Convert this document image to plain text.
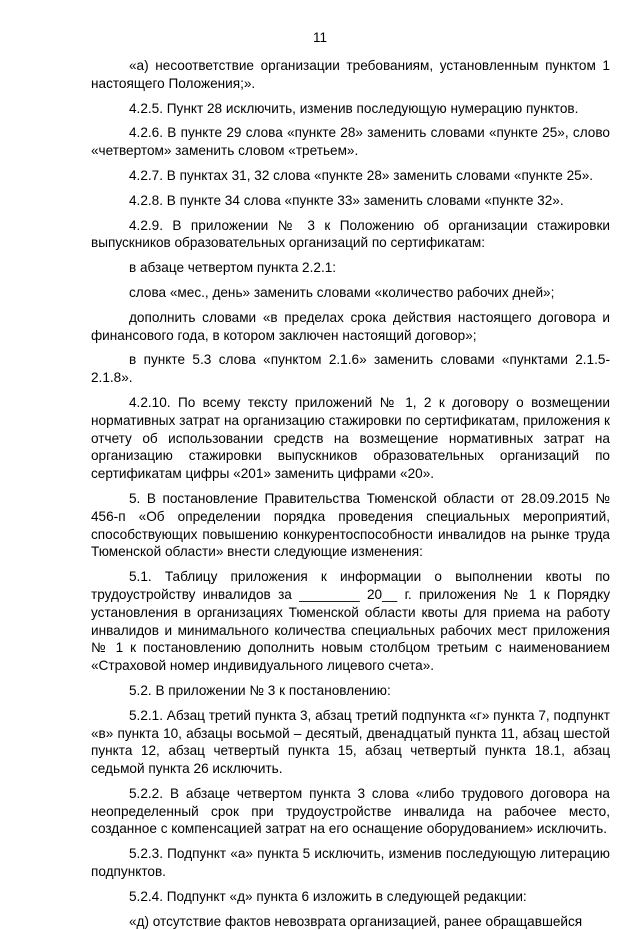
11

«а) несоответствие организации требованиям, установленным пунктом 1 настоящего Положения;».

4.2.5. Пункт 28 исключить, изменив последующую нумерацию пунктов.

4.2.6. В пункте 29 слова «пункте 28» заменить словами «пункте 25», слово «четвертом» заменить словом «третьем».

4.2.7. В пунктах 31, 32 слова «пункте 28» заменить словами «пункте 25».

4.2.8. В пункте 34 слова «пункте 33» заменить словами «пункте 32».

4.2.9. В приложении № 3 к Положению об организации стажировки выпускников образовательных организаций по сертификатам:

в абзаце четвертом пункта 2.2.1:

слова «мес., день» заменить словами «количество рабочих дней»;

дополнить словами «в пределах срока действия настоящего договора и финансового года, в котором заключен настоящий договор»;

в пункте 5.3 слова «пунктом 2.1.6» заменить словами «пунктами 2.1.5-2.1.8».

4.2.10. По всему тексту приложений № 1, 2 к договору о возмещении нормативных затрат на организацию стажировки по сертификатам, приложения к отчету об использовании средств на возмещение нормативных затрат на организацию стажировки выпускников образовательных организаций по сертификатам цифры «201» заменить цифрами «20».

5. В постановление Правительства Тюменской области от 28.09.2015 № 456-п «Об определении порядка проведения специальных мероприятий, способствующих повышению конкурентоспособности инвалидов на рынке труда Тюменской области» внести следующие изменения:

5.1. Таблицу приложения к информации о выполнении квоты по трудоустройству инвалидов за ________ 20__ г. приложения № 1 к Порядку установления в организациях Тюменской области квоты для приема на работу инвалидов и минимального количества специальных рабочих мест приложения № 1 к постановлению дополнить новым столбцом третьим с наименованием «Страховой номер индивидуального лицевого счета».

5.2. В приложении № 3 к постановлению:

5.2.1. Абзац третий пункта 3, абзац третий подпункта «г» пункта 7, подпункт «в» пункта 10, абзацы восьмой – десятый, двенадцатый пункта 11, абзац шестой пункта 12, абзац четвертый пункта 15, абзац четвертый пункта 18.1, абзац седьмой пункта 26 исключить.

5.2.2. В абзаце четвертом пункта 3 слова «либо трудового договора на неопределенный срок при трудоустройстве инвалида на рабочее место, созданное с компенсацией затрат на его оснащение оборудованием» исключить.

5.2.3. Подпункт «а» пункта 5 исключить, изменив последующую литерацию подпунктов.

5.2.4. Подпункт «д» пункта 6 изложить в следующей редакции:

«д) отсутствие фактов невозврата организацией, ранее обращавшейся
